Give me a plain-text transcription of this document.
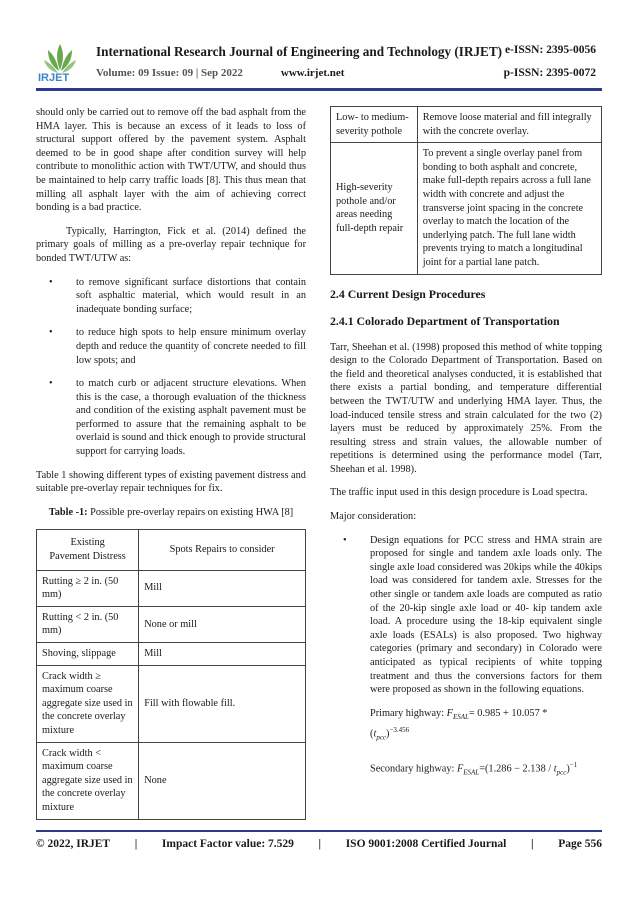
IRJET
International Research Journal of Engineering and Technology (IRJET) e-ISSN: 2395-0056
Volume: 09 Issue: 09 | Sep 2022	www.irjet.net	p-ISSN: 2395-0072

should only be carried out to remove off the bad asphalt from the HMA layer. This is because an excess of it leads to loss of structural support offered by the pavement system. Asphalt deemed to be in good shape after condition survey will help contribute to monolithic action with TWT/UTW, and should thus be maintained to help carry traffic loads [8]. This thus mean that milling all asphalt layer with the aim of achieving correct bonding is a bad practice.

Typically, Harrington, Fick et al. (2014) defined the primary goals of milling as a pre-overlay repair technique for bonded TWT/UTW as:

• to remove significant surface distortions that contain soft asphaltic material, which would result in an inadequate bonding surface;
• to reduce high spots to help ensure minimum overlay depth and reduce the quantity of concrete needed to fill low spots; and
• to match curb or adjacent structure elevations. When this is the case, a thorough evaluation of the thickness and condition of the existing asphalt pavement must be performed to assure that the remaining asphalt to be overlaid is sound and thick enough to provide structural support for carrying loads.

Table 1 showing different types of existing pavement distress and suitable pre-overlay repair techniques for fix.

Table -1: Possible pre-overlay repairs on existing HWA [8]
Existing Pavement Distress	Spots Repairs to consider
Rutting ≥ 2 in. (50 mm)	Mill
Rutting < 2 in. (50 mm)	None or mill
Shoving, slippage	Mill
Crack width ≥ maximum coarse aggregate size used in the concrete overlay mixture	Fill with flowable fill.
Crack width < maximum coarse aggregate size used in the concrete overlay mixture	None
Low- to medium-severity pothole	Remove loose material and fill integrally with the concrete overlay.
High-severity pothole and/or areas needing full-depth repair	To prevent a single overlay panel from bonding to both asphalt and concrete, make full-depth repairs across a full lane width with concrete and adjust the transverse joint spacing in the concrete overlay to match the location of the underlying patch. The full lane width prevents trying to match a longitudinal joint for a partial lane patch.
2.4 Current Design Procedures
2.4.1 Colorado Department of Transportation

Tarr, Sheehan et al. (1998) proposed this method of white topping design to the Colorado Department of Transportation. Based on the field and theoretical analyses conducted, it is established that there exists a partial bonding, and temperature differential between the TWT/UTW and underlying HMA layer. Thus, the load-induced tensile stress and strain calculated for the two (2) layers must be reduced by approximately 25%. From the resulting stress and strain values, the allowable number of repetitions is determined using the performance model (Tarr, Sheehan et al. 1998).

The traffic input used in this design procedure is Load spectra.

Major consideration:

• Design equations for PCC stress and HMA strain are proposed for single and tandem axle loads only. The single axle load considered was 20kips while the 40kips load was considered for tandem axle. Stresses for the other single or tandem axle loads are computed as ratio of the 20-kip single axle load or 40- kip tandem axle load. A procedure using the 18-kip equivalent single axle loads (ESALs) is also proposed. Two highway categories (primary and secondary) in Colorado were anticipated as typical recipients of white topping treatment and thus the conversions factors for them were proposed as shown in the following equations.
Primary highway: $F_{ESAL}= 0.985 + 10.057$ *
$(t_{pcc})^{-3.456}$
Secondary highway: $F_{ESAL}=(1.286 - 2.138 / t_{pcc})^{-1}$
© 2022, IRJET | Impact Factor value: 7.529 | ISO 9001:2008 Certified Journal | Page 556
